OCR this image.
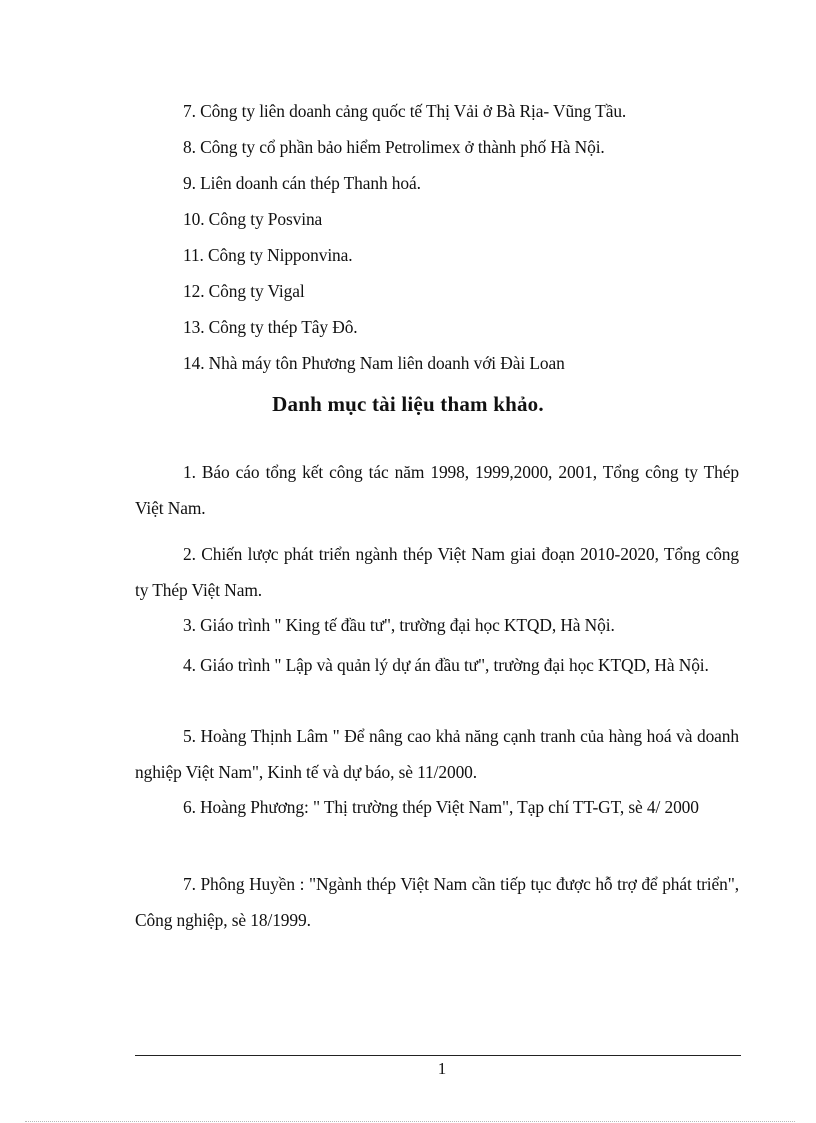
7. Công ty liên doanh cảng quốc tế Thị Vải ở Bà Rịa- Vũng Tầu.
8. Công ty cổ phần bảo hiểm Petrolimex ở thành phố Hà Nội.
9. Liên doanh cán thép Thanh hoá.
10. Công ty Posvina
11. Công ty Nipponvina.
12. Công ty Vigal
13. Công ty thép Tây Đô.
14. Nhà máy tôn Phương Nam liên doanh với Đài Loan
Danh mục tài liệu tham khảo.

1. Báo cáo tổng kết công tác năm 1998, 1999,2000, 2001, Tổng công ty Thép Việt Nam.

2. Chiến lược phát triển ngành thép Việt Nam giai đoạn 2010-2020, Tổng công ty Thép Việt Nam.

3. Giáo trình " King tế đầu tư", trường đại học KTQD, Hà Nội.

4. Giáo trình " Lập và quản lý dự án đầu tư", trường đại học KTQD, Hà Nội.

5. Hoàng Thịnh Lâm " Để nâng cao khả năng cạnh tranh của hàng hoá và doanh nghiệp Việt Nam", Kinh tế và dự báo, sè 11/2000.

6. Hoàng Phương: " Thị trường thép Việt Nam", Tạp chí TT-GT, sè 4/ 2000

7. Phông Huyền : "Ngành thép Việt Nam cần tiếp tục được hỗ trợ để phát triển", Công nghiệp, sè 18/1999.

1
